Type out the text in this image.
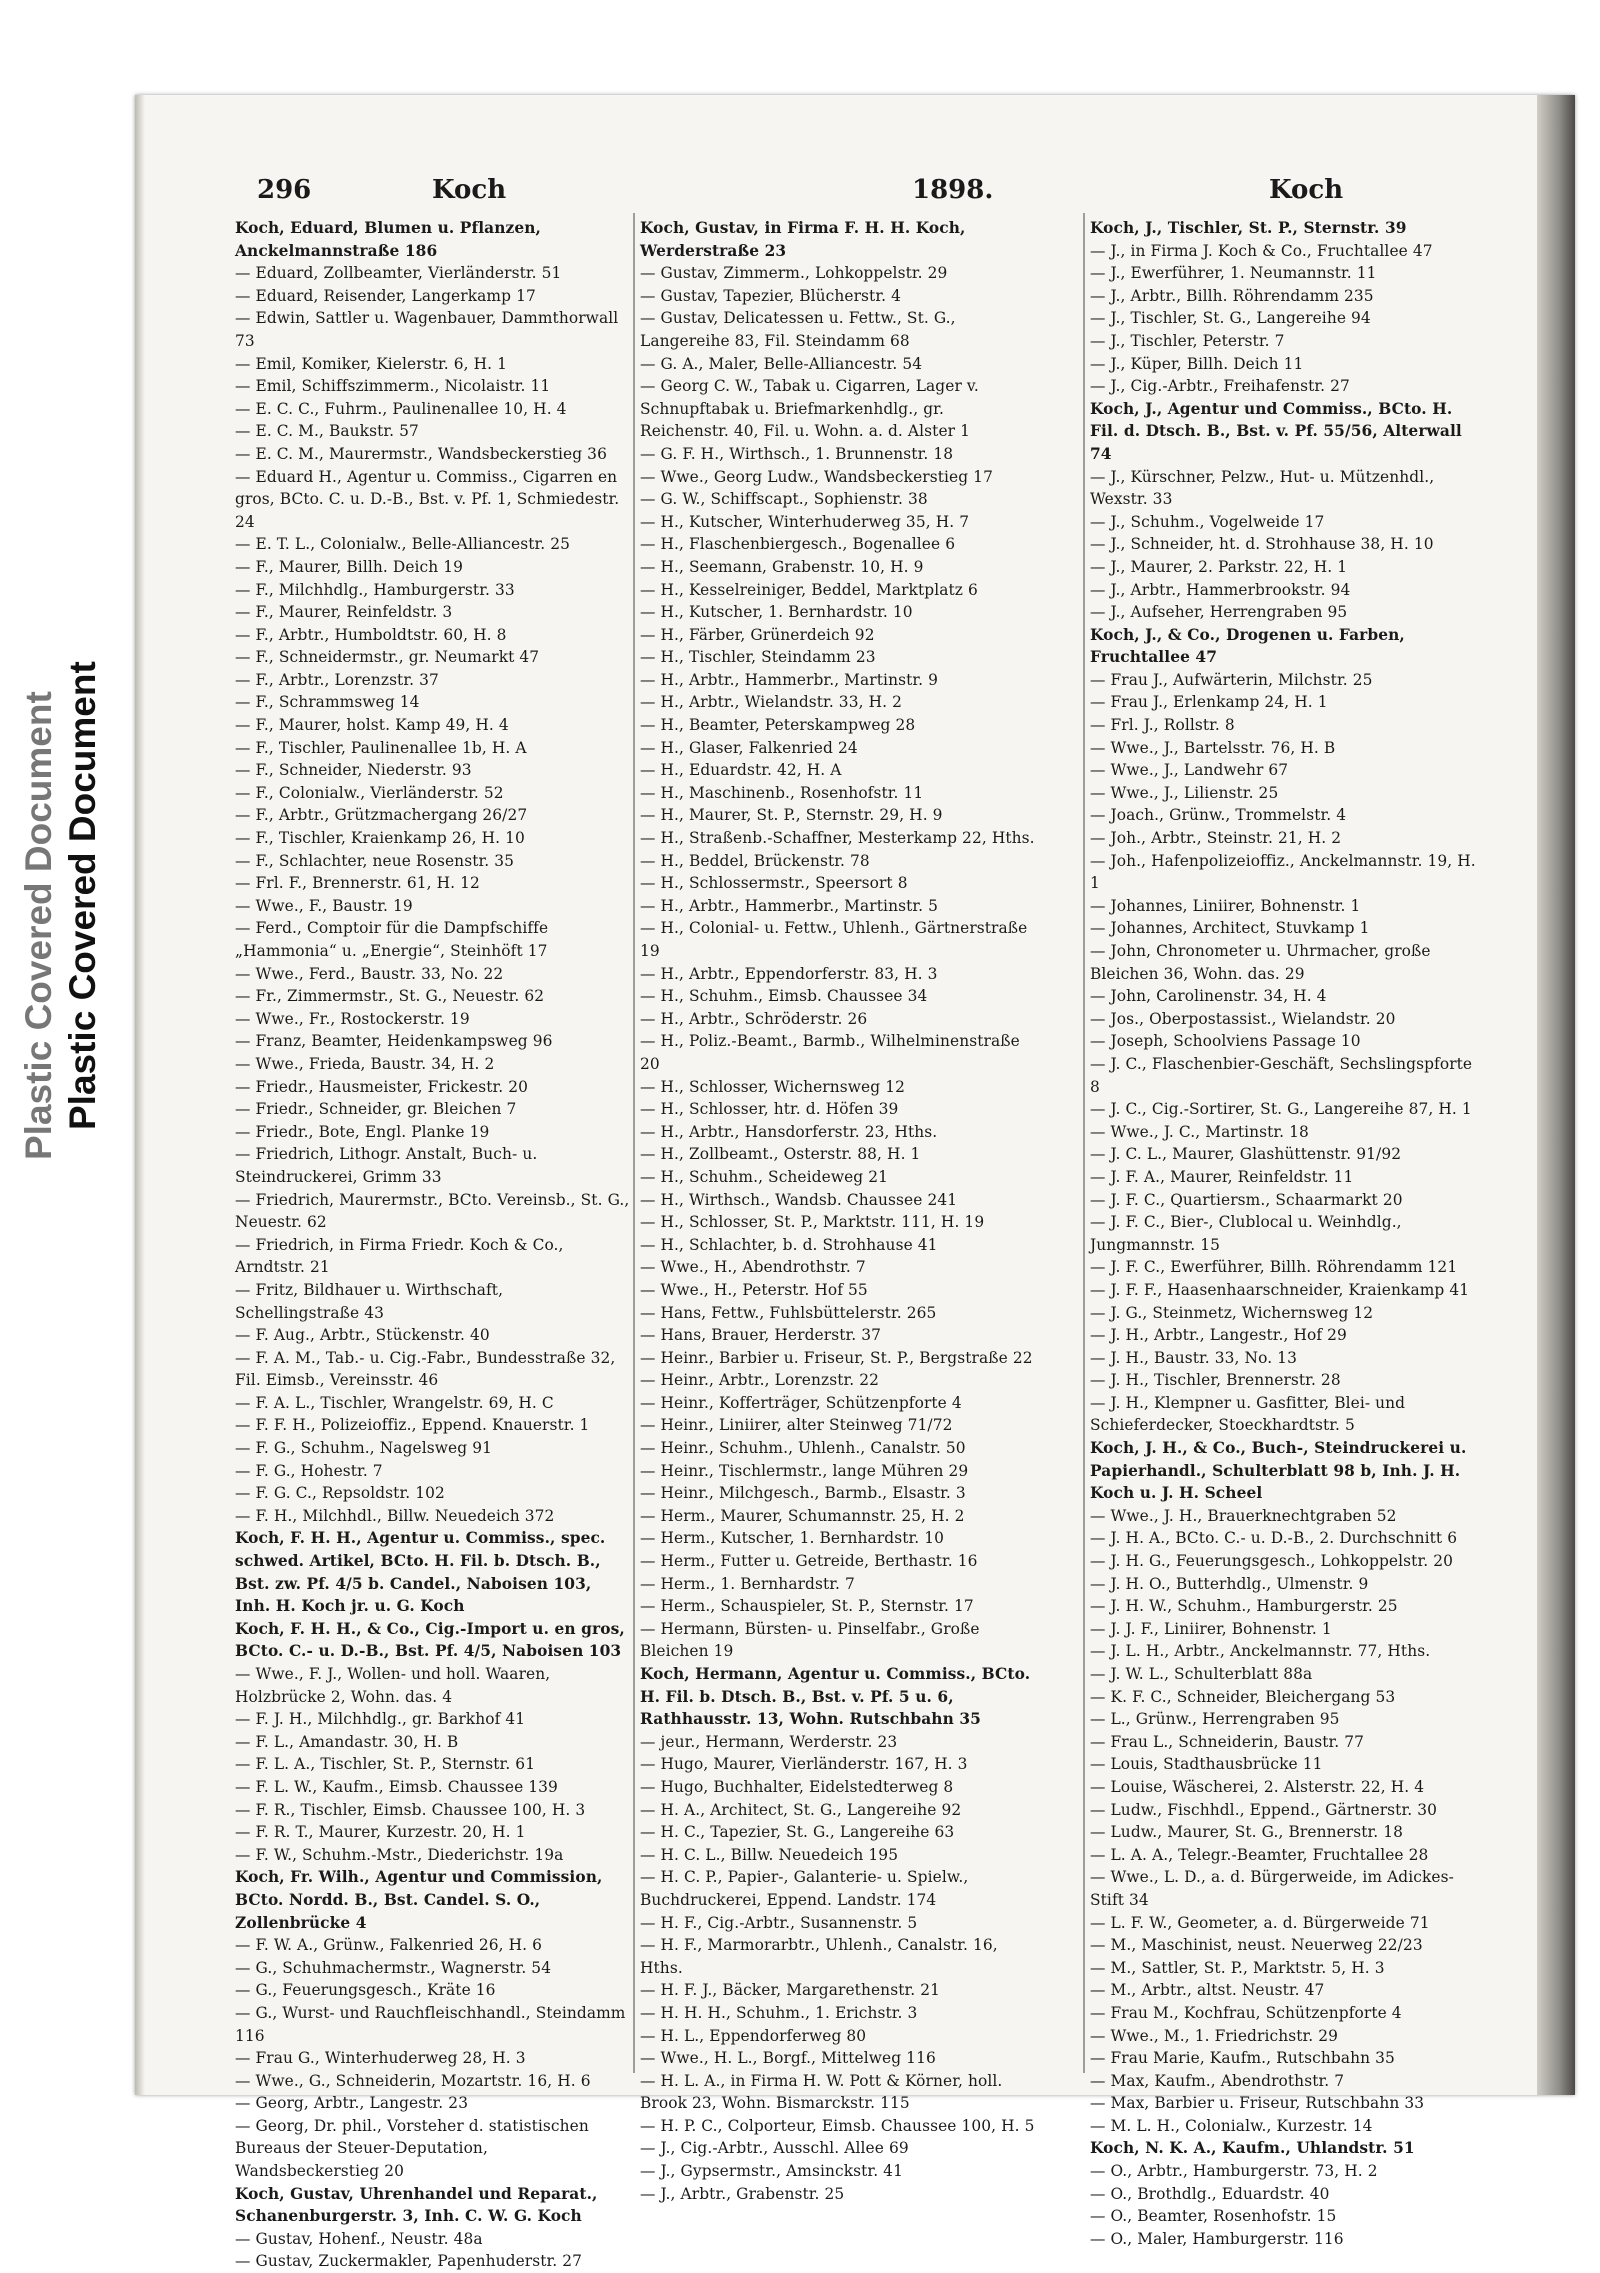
Plastic Covered Document Plastic Covered Document
296	Koch	1898.	Koch
Koch, Eduard, Blumen u. Pflanzen, Anckelmannstraße 186
— Eduard, Zollbeamter, Vierländerstr. 51
— Eduard, Reisender, Langerkamp 17
— Edwin, Sattler u. Wagenbauer, Dammthorwall 73
— Emil, Komiker, Kielerstr. 6, H. 1
— Emil, Schiffszimmerm., Nicolaistr. 11
— E. C. C., Fuhrm., Paulinenallee 10, H. 4
— E. C. M., Baukstr. 57
— E. C. M., Maurermstr., Wandsbeckerstieg 36
— Eduard H., Agentur u. Commiss., Cigarren en gros, BCto. C. u. D.-B., Bst. v. Pf. 1, Schmiedestr. 24
— E. T. L., Colonialw., Belle-Alliancestr. 25
— F., Maurer, Billh. Deich 19
— F., Milchhdlg., Hamburgerstr. 33
— F., Maurer, Reinfeldstr. 3
— F., Arbtr., Humboldtstr. 60, H. 8
— F., Schneidermstr., gr. Neumarkt 47
— F., Arbtr., Lorenzstr. 37
— F., Schrammsweg 14
— F., Maurer, holst. Kamp 49, H. 4
— F., Tischler, Paulinenallee 1b, H. A
— F., Schneider, Niederstr. 93
— F., Colonialw., Vierländerstr. 52
— F., Arbtr., Grützmachergang 26/27
— F., Tischler, Kraienkamp 26, H. 10
— F., Schlachter, neue Rosenstr. 35
— Frl. F., Brennerstr. 61, H. 12
— Wwe., F., Baustr. 19
— Ferd., Comptoir für die Dampfschiffe „Hammonia“ u. „Energie“, Steinhöft 17
— Wwe., Ferd., Baustr. 33, No. 22
— Fr., Zimmermstr., St. G., Neuestr. 62
— Wwe., Fr., Rostockerstr. 19
— Franz, Beamter, Heidenkampsweg 96
— Wwe., Frieda, Baustr. 34, H. 2
— Friedr., Hausmeister, Frickestr. 20
— Friedr., Schneider, gr. Bleichen 7
— Friedr., Bote, Engl. Planke 19
— Friedrich, Lithogr. Anstalt, Buch- u. Steindruckerei, Grimm 33
— Friedrich, Maurermstr., BCto. Vereinsb., St. G., Neuestr. 62
— Friedrich, in Firma Friedr. Koch & Co., Arndtstr. 21
— Fritz, Bildhauer u. Wirthschaft, Schellingstraße 43
— F. Aug., Arbtr., Stückenstr. 40
— F. A. M., Tab.- u. Cig.-Fabr., Bundesstraße 32, Fil. Eimsb., Vereinsstr. 46
— F. A. L., Tischler, Wrangelstr. 69, H. C
— F. F. H., Polizeioffiz., Eppend. Knauerstr. 1
— F. G., Schuhm., Nagelsweg 91
— F. G., Hohestr. 7
— F. G. C., Repsoldstr. 102
— F. H., Milchhdl., Billw. Neuedeich 372
Koch, F. H. H., Agentur u. Commiss., spec. schwed. Artikel, BCto. H. Fil. b. Dtsch. B., Bst. zw. Pf. 4/5 b. Candel., Naboisen 103, Inh. H. Koch jr. u. G. Koch
Koch, F. H. H., & Co., Cig.-Import u. en gros, BCto. C.- u. D.-B., Bst. Pf. 4/5, Naboisen 103
— Wwe., F. J., Wollen- und holl. Waaren, Holzbrücke 2, Wohn. das. 4
— F. J. H., Milchhdlg., gr. Barkhof 41
— F. L., Amandastr. 30, H. B
— F. L. A., Tischler, St. P., Sternstr. 61
— F. L. W., Kaufm., Eimsb. Chaussee 139
— F. R., Tischler, Eimsb. Chaussee 100, H. 3
— F. R. T., Maurer, Kurzestr. 20, H. 1
— F. W., Schuhm.-Mstr., Diederichstr. 19a
Koch, Fr. Wilh., Agentur und Commission, BCto. Nordd. B., Bst. Candel. S. O., Zollenbrücke 4
— F. W. A., Grünw., Falkenried 26, H. 6
— G., Schuhmachermstr., Wagnerstr. 54
— G., Feuerungsgesch., Kräte 16
— G., Wurst- und Rauchfleischhandl., Steindamm 116
— Frau G., Winterhuderweg 28, H. 3
— Wwe., G., Schneiderin, Mozartstr. 16, H. 6
— Georg, Arbtr., Langestr. 23
— Georg, Dr. phil., Vorsteher d. statistischen Bureaus der Steuer-Deputation, Wandsbeckerstieg 20
Koch, Gustav, Uhrenhandel und Reparat., Schanenburgerstr. 3, Inh. C. W. G. Koch
— Gustav, Hohenf., Neustr. 48a
— Gustav, Zuckermakler, Papenhuderstr. 27
Koch, Gustav, in Firma F. H. H. Koch, Werderstraße 23
— Gustav, Zimmerm., Lohkoppelstr. 29
— Gustav, Tapezier, Blücherstr. 4
— Gustav, Delicatessen u. Fettw., St. G., Langereihe 83, Fil. Steindamm 68
— G. A., Maler, Belle-Alliancestr. 54
— Georg C. W., Tabak u. Cigarren, Lager v. Schnupftabak u. Briefmarkenhdlg., gr. Reichenstr. 40, Fil. u. Wohn. a. d. Alster 1
— G. F. H., Wirthsch., 1. Brunnenstr. 18
— Wwe., Georg Ludw., Wandsbeckerstieg 17
— G. W., Schiffscapt., Sophienstr. 38
— H., Kutscher, Winterhuderweg 35, H. 7
— H., Flaschenbiergesch., Bogenallee 6
— H., Seemann, Grabenstr. 10, H. 9
— H., Kesselreiniger, Beddel, Marktplatz 6
— H., Kutscher, 1. Bernhardstr. 10
— H., Färber, Grünerdeich 92
— H., Tischler, Steindamm 23
— H., Arbtr., Hammerbr., Martinstr. 9
— H., Arbtr., Wielandstr. 33, H. 2
— H., Beamter, Peterskampweg 28
— H., Glaser, Falkenried 24
— H., Eduardstr. 42, H. A
— H., Maschinenb., Rosenhofstr. 11
— H., Maurer, St. P., Sternstr. 29, H. 9
— H., Straßenb.-Schaffner, Mesterkamp 22, Hths.
— H., Beddel, Brückenstr. 78
— H., Schlossermstr., Speersort 8
— H., Arbtr., Hammerbr., Martinstr. 5
— H., Colonial- u. Fettw., Uhlenh., Gärtnerstraße 19
— H., Arbtr., Eppendorferstr. 83, H. 3
— H., Schuhm., Eimsb. Chaussee 34
— H., Arbtr., Schröderstr. 26
— H., Poliz.-Beamt., Barmb., Wilhelminenstraße 20
— H., Schlosser, Wichernsweg 12
— H., Schlosser, htr. d. Höfen 39
— H., Arbtr., Hansdorferstr. 23, Hths.
— H., Zollbeamt., Osterstr. 88, H. 1
— H., Schuhm., Scheideweg 21
— H., Wirthsch., Wandsb. Chaussee 241
— H., Schlosser, St. P., Marktstr. 111, H. 19
— H., Schlachter, b. d. Strohhause 41
— Wwe., H., Abendrothstr. 7
— Wwe., H., Peterstr. Hof 55
— Hans, Fettw., Fuhlsbüttelerstr. 265
— Hans, Brauer, Herderstr. 37
— Heinr., Barbier u. Friseur, St. P., Bergstraße 22
— Heinr., Arbtr., Lorenzstr. 22
— Heinr., Kofferträger, Schützenpforte 4
— Heinr., Liniirer, alter Steinweg 71/72
— Heinr., Schuhm., Uhlenh., Canalstr. 50
— Heinr., Tischlermstr., lange Mühren 29
— Heinr., Milchgesch., Barmb., Elsastr. 3
— Herm., Maurer, Schumannstr. 25, H. 2
— Herm., Kutscher, 1. Bernhardstr. 10
— Herm., Futter u. Getreide, Berthastr. 16
— Herm., 1. Bernhardstr. 7
— Herm., Schauspieler, St. P., Sternstr. 17
— Hermann, Bürsten- u. Pinselfabr., Große Bleichen 19
Koch, Hermann, Agentur u. Commiss., BCto. H. Fil. b. Dtsch. B., Bst. v. Pf. 5 u. 6, Rathhausstr. 13, Wohn. Rutschbahn 35
— jeur., Hermann, Werderstr. 23
— Hugo, Maurer, Vierländerstr. 167, H. 3
— Hugo, Buchhalter, Eidelstedterweg 8
— H. A., Architect, St. G., Langereihe 92
— H. C., Tapezier, St. G., Langereihe 63
— H. C. L., Billw. Neuedeich 195
— H. C. P., Papier-, Galanterie- u. Spielw., Buchdruckerei, Eppend. Landstr. 174
— H. F., Cig.-Arbtr., Susannenstr. 5
— H. F., Marmorarbtr., Uhlenh., Canalstr. 16, Hths.
— H. F. J., Bäcker, Margarethenstr. 21
— H. H. H., Schuhm., 1. Erichstr. 3
— H. L., Eppendorferweg 80
— Wwe., H. L., Borgf., Mittelweg 116
— H. L. A., in Firma H. W. Pott & Körner, holl. Brook 23, Wohn. Bismarckstr. 115
— H. P. C., Colporteur, Eimsb. Chaussee 100, H. 5
— J., Cig.-Arbtr., Ausschl. Allee 69
— J., Gypsermstr., Amsinckstr. 41
— J., Arbtr., Grabenstr. 25
Koch, J., Tischler, St. P., Sternstr. 39
— J., in Firma J. Koch & Co., Fruchtallee 47
— J., Ewerführer, 1. Neumannstr. 11
— J., Arbtr., Billh. Röhrendamm 235
— J., Tischler, St. G., Langereihe 94
— J., Tischler, Peterstr. 7
— J., Küper, Billh. Deich 11
— J., Cig.-Arbtr., Freihafenstr. 27
Koch, J., Agentur und Commiss., BCto. H. Fil. d. Dtsch. B., Bst. v. Pf. 55/56, Alterwall 74
— J., Kürschner, Pelzw., Hut- u. Mützenhdl., Wexstr. 33
— J., Schuhm., Vogelweide 17
— J., Schneider, ht. d. Strohhause 38, H. 10
— J., Maurer, 2. Parkstr. 22, H. 1
— J., Arbtr., Hammerbrookstr. 94
— J., Aufseher, Herrengraben 95
Koch, J., & Co., Drogenen u. Farben, Fruchtallee 47
— Frau J., Aufwärterin, Milchstr. 25
— Frau J., Erlenkamp 24, H. 1
— Frl. J., Rollstr. 8
— Wwe., J., Bartelsstr. 76, H. B
— Wwe., J., Landwehr 67
— Wwe., J., Lilienstr. 25
— Joach., Grünw., Trommelstr. 4
— Joh., Arbtr., Steinstr. 21, H. 2
— Joh., Hafenpolizeioffiz., Anckelmannstr. 19, H. 1
— Johannes, Liniirer, Bohnenstr. 1
— Johannes, Architect, Stuvkamp 1
— John, Chronometer u. Uhrmacher, große Bleichen 36, Wohn. das. 29
— John, Carolinenstr. 34, H. 4
— Jos., Oberpostassist., Wielandstr. 20
— Joseph, Schoolviens Passage 10
— J. C., Flaschenbier-Geschäft, Sechslingspforte 8
— J. C., Cig.-Sortirer, St. G., Langereihe 87, H. 1
— Wwe., J. C., Martinstr. 18
— J. C. L., Maurer, Glashüttenstr. 91/92
— J. F. A., Maurer, Reinfeldstr. 11
— J. F. C., Quartiersm., Schaarmarkt 20
— J. F. C., Bier-, Clublocal u. Weinhdlg., Jungmannstr. 15
— J. F. C., Ewerführer, Billh. Röhrendamm 121
— J. F. F., Haasenhaarschneider, Kraienkamp 41
— J. G., Steinmetz, Wichernsweg 12
— J. H., Arbtr., Langestr., Hof 29
— J. H., Baustr. 33, No. 13
— J. H., Tischler, Brennerstr. 28
— J. H., Klempner u. Gasfitter, Blei- und Schieferdecker, Stoeckhardtstr. 5
Koch, J. H., & Co., Buch-, Steindruckerei u. Papierhandl., Schulterblatt 98 b, Inh. J. H. Koch u. J. H. Scheel
— Wwe., J. H., Brauerknechtgraben 52
— J. H. A., BCto. C.- u. D.-B., 2. Durchschnitt 6
— J. H. G., Feuerungsgesch., Lohkoppelstr. 20
— J. H. O., Butterhdlg., Ulmenstr. 9
— J. H. W., Schuhm., Hamburgerstr. 25
— J. J. F., Liniirer, Bohnenstr. 1
— J. L. H., Arbtr., Anckelmannstr. 77, Hths.
— J. W. L., Schulterblatt 88a
— K. F. C., Schneider, Bleichergang 53
— L., Grünw., Herrengraben 95
— Frau L., Schneiderin, Baustr. 77
— Louis, Stadthausbrücke 11
— Louise, Wäscherei, 2. Alsterstr. 22, H. 4
— Ludw., Fischhdl., Eppend., Gärtnerstr. 30
— Ludw., Maurer, St. G., Brennerstr. 18
— L. A. A., Telegr.-Beamter, Fruchtallee 28
— Wwe., L. D., a. d. Bürgerweide, im Adickes-Stift 34
— L. F. W., Geometer, a. d. Bürgerweide 71
— M., Maschinist, neust. Neuerweg 22/23
— M., Sattler, St. P., Marktstr. 5, H. 3
— M., Arbtr., altst. Neustr. 47
— Frau M., Kochfrau, Schützenpforte 4
— Wwe., M., 1. Friedrichstr. 29
— Frau Marie, Kaufm., Rutschbahn 35
— Max, Kaufm., Abendrothstr. 7
— Max, Barbier u. Friseur, Rutschbahn 33
— M. L. H., Colonialw., Kurzestr. 14
Koch, N. K. A., Kaufm., Uhlandstr. 51
— O., Arbtr., Hamburgerstr. 73, H. 2
— O., Brothdlg., Eduardstr. 40
— O., Beamter, Rosenhofstr. 15
— O., Maler, Hamburgerstr. 116
